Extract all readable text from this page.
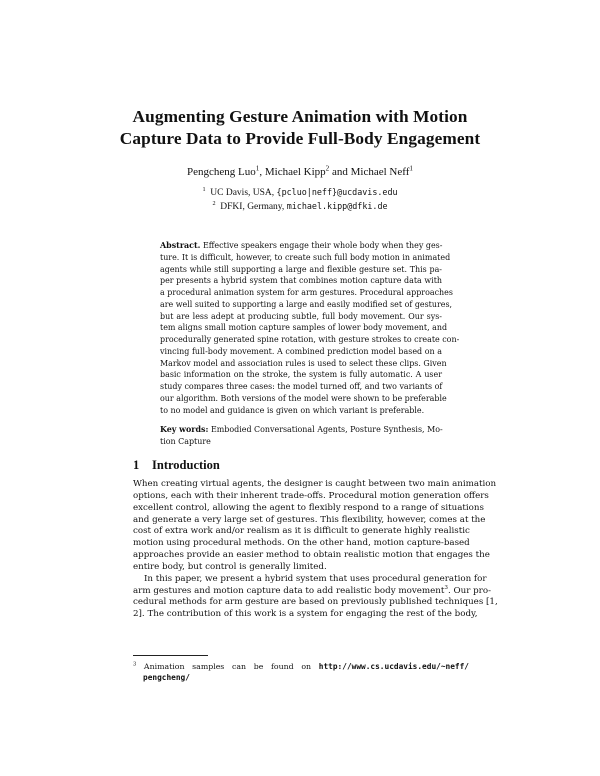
Augmenting Gesture Animation with Motion
Capture Data to Provide Full-Body Engagement
Pengcheng Luo$^1$, Michael Kipp$^2$ and Michael Neff$^1$
$^1$ UC Davis, USA, {pcluo|neff}@ucdavis.edu
$^2$ DFKI, Germany, michael.kipp@dfki.de

Abstract. Effective speakers engage their whole body when they ges-
ture. It is difficult, however, to create such full body motion in animated
agents while still supporting a large and flexible gesture set. This pa-
per presents a hybrid system that combines motion capture data with
a procedural animation system for arm gestures. Procedural approaches
are well suited to supporting a large and easily modified set of gestures,
but are less adept at producing subtle, full body movement. Our sys-
tem aligns small motion capture samples of lower body movement, and
procedurally generated spine rotation, with gesture strokes to create con-
vincing full-body movement. A combined prediction model based on a
Markov model and association rules is used to select these clips. Given
basic information on the stroke, the system is fully automatic. A user
study compares three cases: the model turned off, and two variants of
our algorithm. Both versions of the model were shown to be preferable
to no model and guidance is given on which variant is preferable.

Key words: Embodied Conversational Agents, Posture Synthesis, Mo-
tion Capture

1 Introduction
When creating virtual agents, the designer is caught between two main animation
options, each with their inherent trade-offs. Procedural motion generation offers
excellent control, allowing the agent to flexibly respond to a range of situations
and generate a very large set of gestures. This flexibility, however, comes at the
cost of extra work and/or realism as it is difficult to generate highly realistic
motion using procedural methods. On the other hand, motion capture-based
approaches provide an easier method to obtain realistic motion that engages the
entire body, but control is generally limited.
In this paper, we present a hybrid system that uses procedural generation for
arm gestures and motion capture data to add realistic body movement$^3$. Our pro-
cedural methods for arm gesture are based on previously published techniques [1,
2]. The contribution of this work is a system for engaging the rest of the body,
$^3$ Animation samples can be found on http://www.cs.ucdavis.edu/~neff/
pengcheng/
